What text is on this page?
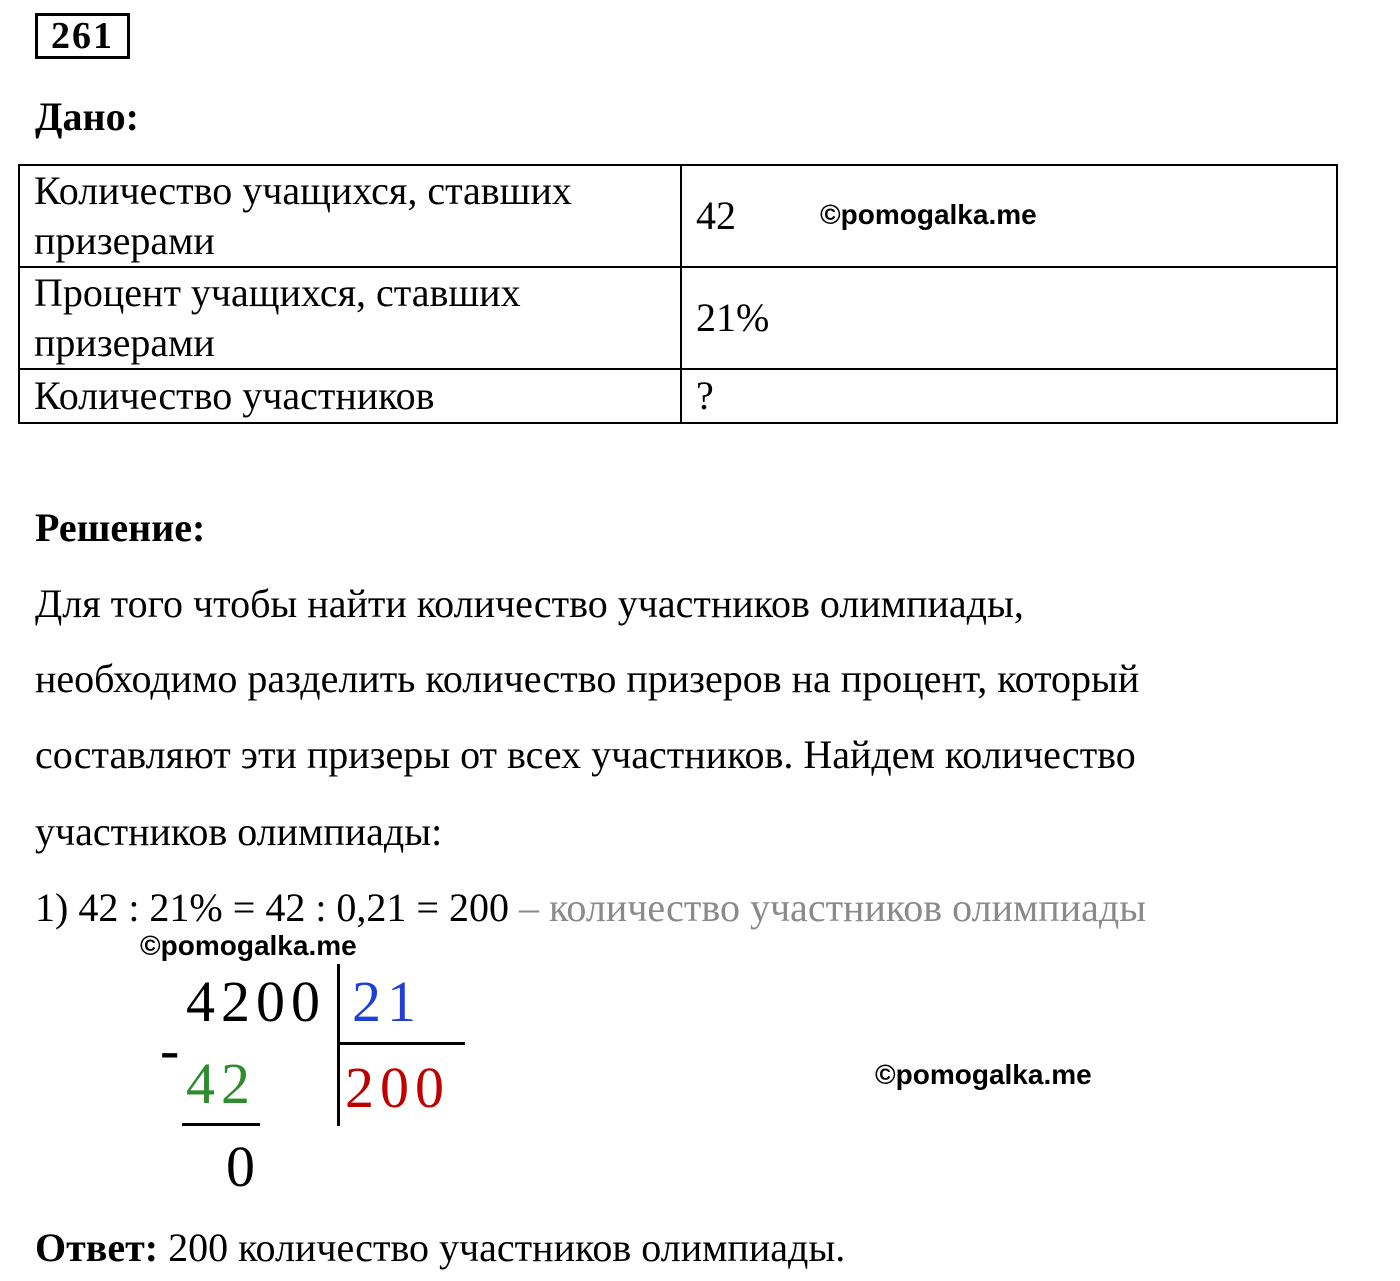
261
Дано:
Количество учащихся, ставших призерами	42
Процент учащихся, ставших призерами	21%
Количество участников	?
©pomogalka.me
Решение:
Для того чтобы найти количество участников олимпиады,
необходимо разделить количество призеров на процент, который
составляют эти призеры от всех участников. Найдем количество
участников олимпиады:
1) 42 : 21% = 42 : 0,21 = 200 – количество участников олимпиады
©pomogalka.me
4200 21
-
42 200
0
©pomogalka.me
Ответ: 200 количество участников олимпиады.
